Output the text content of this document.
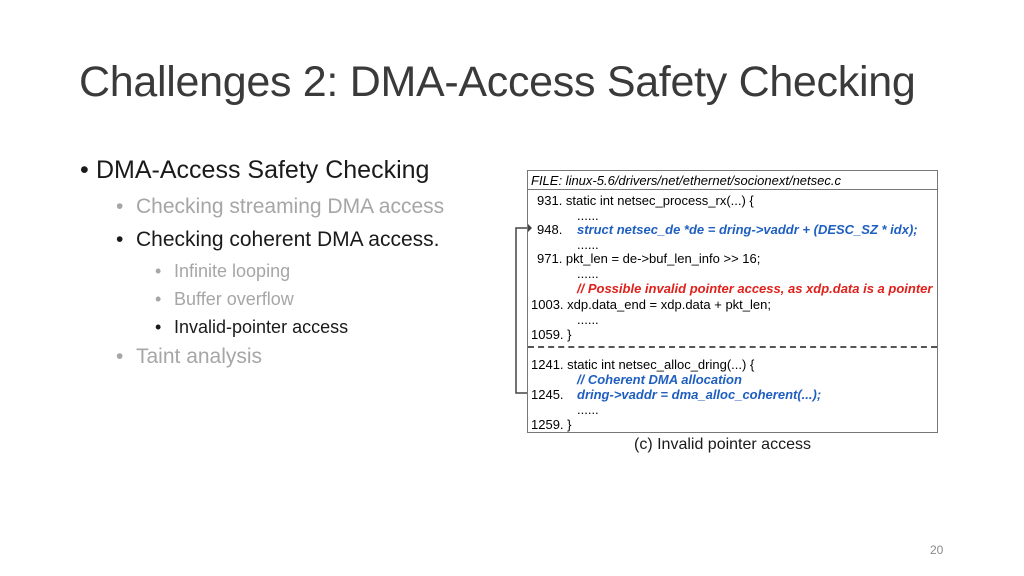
Challenges 2: DMA-Access Safety Checking
• DMA-Access Safety Checking
• Checking streaming DMA access
• Checking coherent DMA access.
• Infinite looping
• Buffer overflow
• Invalid-pointer access
• Taint analysis
FILE: linux-5.6/drivers/net/ethernet/socionext/netsec.c
931. static int netsec_process_rx(...) {
......
948. struct netsec_de *de = dring->vaddr + (DESC_SZ * idx);
......
971. pkt_len = de->buf_len_info >> 16;
......
// Possible invalid pointer access, as xdp.data is a pointer
1003. xdp.data_end = xdp.data + pkt_len;
......
1059. }
1241. static int netsec_alloc_dring(...) {
// Coherent DMA allocation
1245. dring->vaddr = dma_alloc_coherent(...);
......
1259. }
(c) Invalid pointer access
20
